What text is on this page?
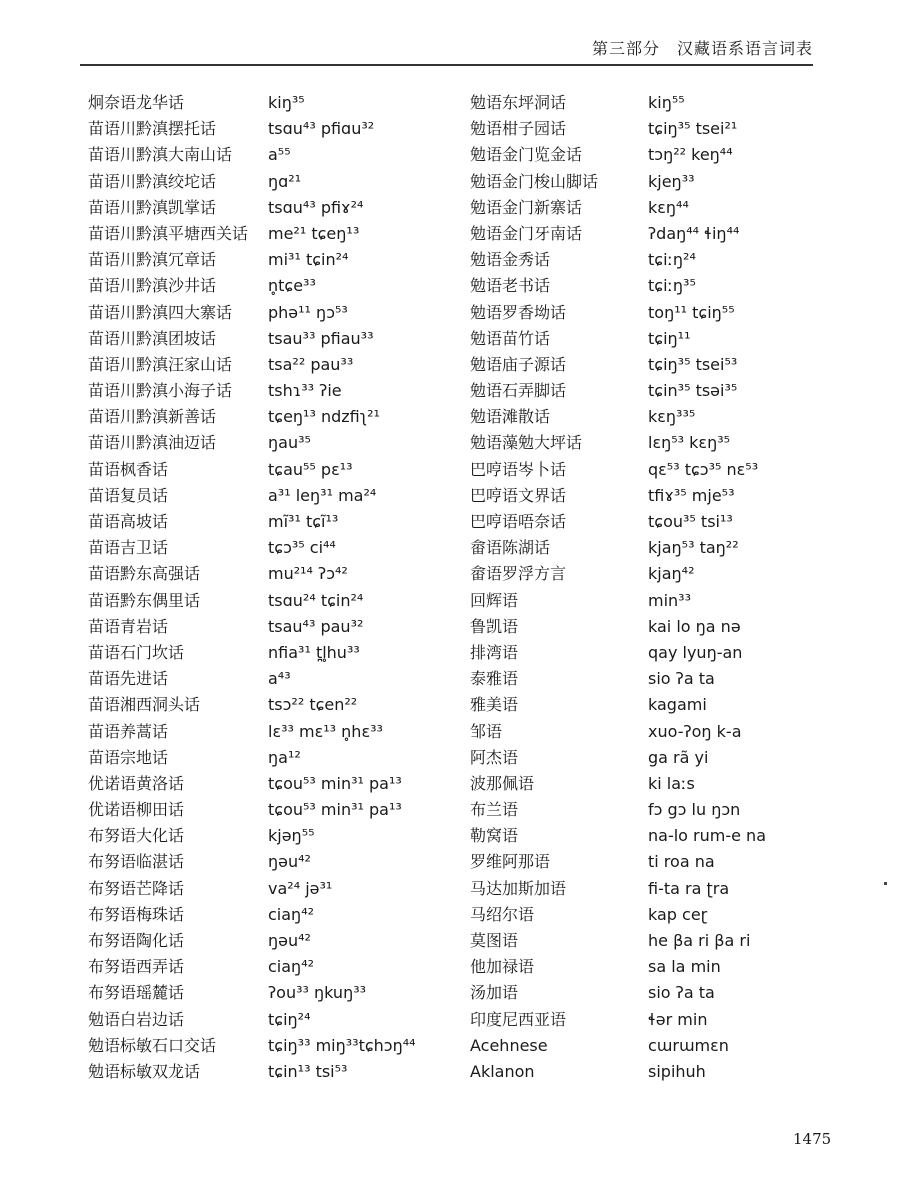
第三部分　汉藏语系语言词表
炯奈语龙华话	kiŋ³⁵
苗语川黔滇摆托话	tsɑu⁴³ pfiɑu³²
苗语川黔滇大南山话 a⁵⁵
苗语川黔滇绞坨话	ŋɑ²¹
苗语川黔滇凯掌话	tsɑu⁴³ pfiɤ²⁴
苗语川黔滇平塘西关话 me²¹ tɕeŋ¹³
苗语川黔滇冗章话	mi³¹ tɕin²⁴
苗语川黔滇沙井话	n̥tɕe³³
苗语川黔滇四大寨话 phə¹¹ ŋɔ⁵³
苗语川黔滇团坡话	tsau³³ pfiau³³
苗语川黔滇汪家山话 tsa²² pau³³
苗语川黔滇小海子话 tshɿ³³ ʔie
苗语川黔滇新善话	tɕeŋ¹³ ndzfiʅ²¹
苗语川黔滇油迈话	ŋau³⁵
苗语枫香话	tɕau⁵⁵ pɛ¹³
苗语复员话	a³¹ leŋ³¹ ma²⁴
苗语高坡话	mĩ³¹ tɕĩ¹³
苗语吉卫话	tɕɔ³⁵ ci⁴⁴
苗语黔东高强话	mu²¹⁴ ʔɔ⁴²
苗语黔东偶里话	tsɑu²⁴ tɕin²⁴
苗语青岩话	tsau⁴³ pau³²
苗语石门坎话	nfia³¹ t̪l̥hu³³
苗语先进话	a⁴³
苗语湘西洞头话	tsɔ²² tɕen²²
苗语养蒿话	lɛ³³ mɛ¹³ n̥hɛ³³
苗语宗地话	ŋa¹²
优诺语黄洛话	tɕou⁵³ min³¹ pa¹³
优诺语柳田话	tɕou⁵³ min³¹ pa¹³
布努语大化话	kjəŋ⁵⁵
布努语临湛话	ŋəu⁴²
布努语芒降话	va²⁴ jə³¹
布努语梅珠话	ciaŋ⁴²
布努语陶化话	ŋəu⁴²
布努语西弄话	ciaŋ⁴²
布努语瑶麓话	ʔou³³ ŋkuŋ³³
勉语白岩边话	tɕiŋ²⁴
勉语标敏石口交话	tɕiŋ³³ miŋ³³tɕhɔŋ⁴⁴
勉语标敏双龙话	tɕin¹³ tsi⁵³
勉语东坪洞话	kiŋ⁵⁵
勉语柑子园话	tɕiŋ³⁵ tsei²¹
勉语金门览金话	tɔŋ²² keŋ⁴⁴
勉语金门梭山脚话	kjeŋ³³
勉语金门新寨话	kɛŋ⁴⁴
勉语金门牙南话	ʔdaŋ⁴⁴ ɬiŋ⁴⁴
勉语金秀话	tɕiːŋ²⁴
勉语老书话	tɕiːŋ³⁵
勉语罗香坳话	toŋ¹¹ tɕiŋ⁵⁵
勉语苗竹话	tɕiŋ¹¹
勉语庙子源话	tɕiŋ³⁵ tsei⁵³
勉语石弄脚话	tɕin³⁵ tsəi³⁵
勉语滩散话	kɛŋ³³⁵
勉语藻勉大坪话	lɛŋ⁵³ kɛŋ³⁵
巴哼语岑卜话	qɛ⁵³ tɕɔ³⁵ nɛ⁵³
巴哼语文界话	tfiɤ³⁵ mje⁵³
巴哼语唔奈话	tɕou³⁵ tsi¹³
畲语陈湖话	kjaŋ⁵³ taŋ²²
畲语罗浮方言	kjaŋ⁴²
回辉语	min³³
鲁凯语	kai lo ŋa nə
排湾语	qay lyuŋ-an
泰雅语	sio ʔa ta
雅美语	kagami
邹语	xuo-ʔoŋ k-a
阿杰语	ga rã yi
波那佩语	ki laːs
布兰语	fɔ gɔ lu ŋɔn
勒窝语	na-lo rum-e na
罗维阿那语	ti roa na
马达加斯加语	fi-ta ra ʈra
马绍尔语	kap ceɽ
莫图语	he βa ri βa ri
他加禄语	sa la min
汤加语	sio ʔa ta
印度尼西亚语	ɬər min
Acehnese	cɯrɯmɛn
Aklanon	sipihuh
1475
